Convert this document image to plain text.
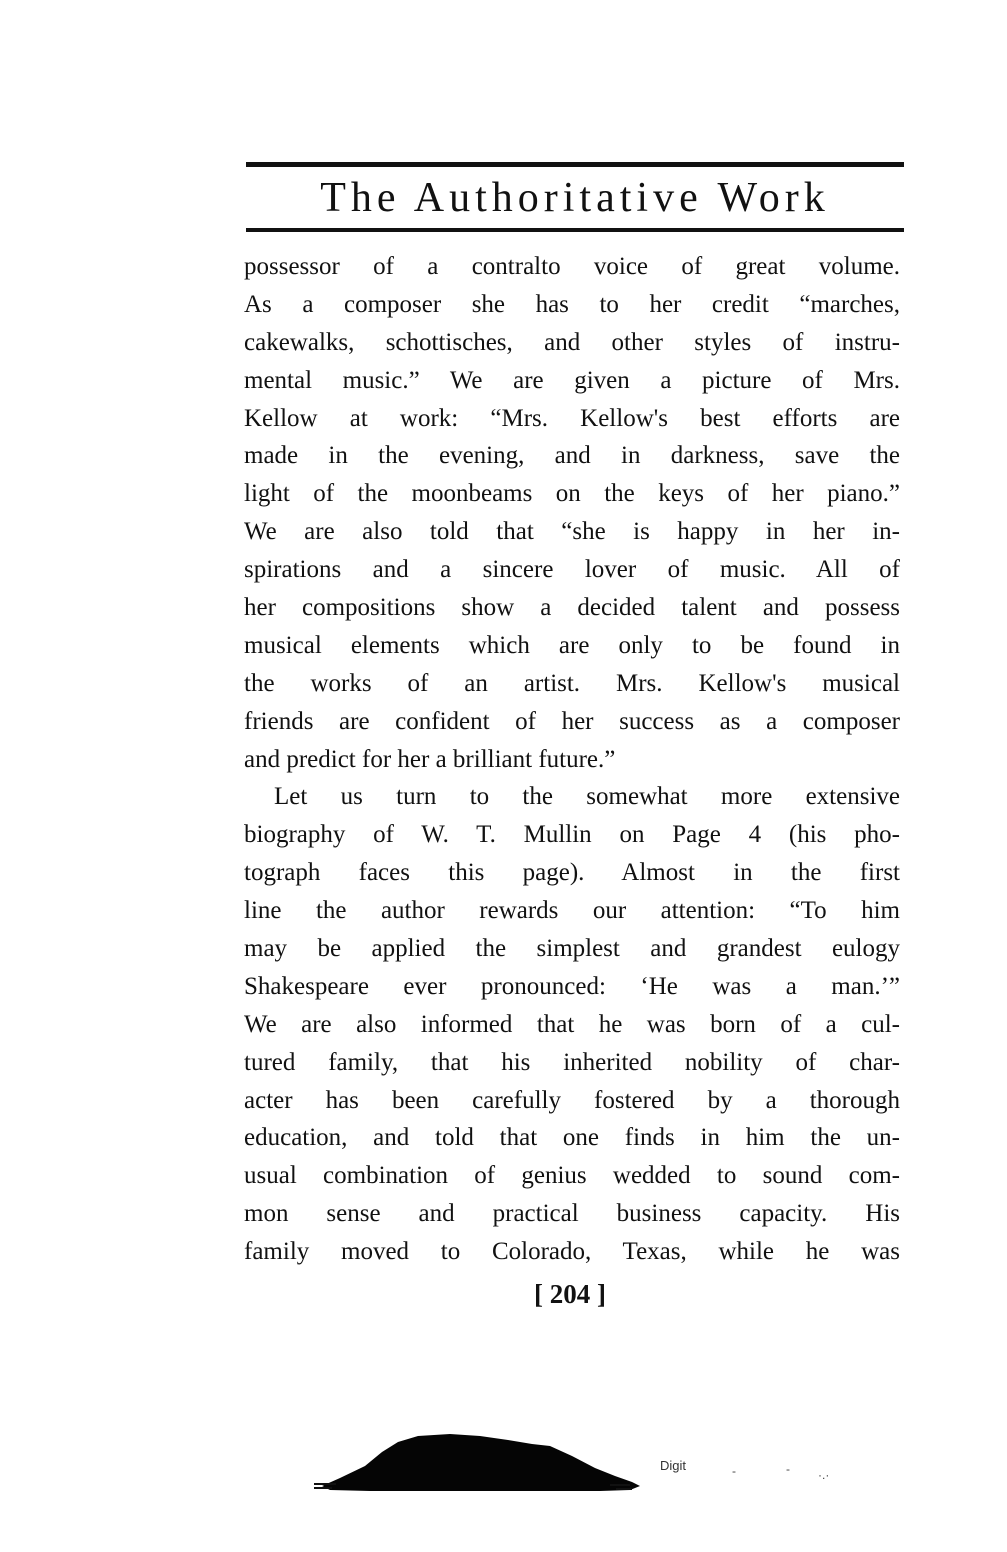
The Authoritative Work
possessor of a contralto voice of great volume.
As a composer she has to her credit “marches,
cakewalks, schottisches, and other styles of instru-
mental music.” We are given a picture of Mrs.
Kellow at work: “Mrs. Kellow's best efforts are
made in the evening, and in darkness, save the
light of the moonbeams on the keys of her piano.”
We are also told that “she is happy in her in-
spirations and a sincere lover of music. All of
her compositions show a decided talent and possess
musical elements which are only to be found in
the works of an artist. Mrs. Kellow's musical
friends are confident of her success as a composer
and predict for her a brilliant future.”
Let us turn to the somewhat more extensive
biography of W. T. Mullin on Page 4 (his pho-
tograph faces this page). Almost in the first
line the author rewards our attention: “To him
may be applied the simplest and grandest eulogy
Shakespeare ever pronounced: ‘He was a man.’”
We are also informed that he was born of a cul-
tured family, that his inherited nobility of char-
acter has been carefully fostered by a thorough
education, and told that one finds in him the un-
usual combination of genius wedded to sound com-
mon sense and practical business capacity. His
family moved to Colorado, Texas, while he was
[ 204 ]
Digit	-	- ·.·
